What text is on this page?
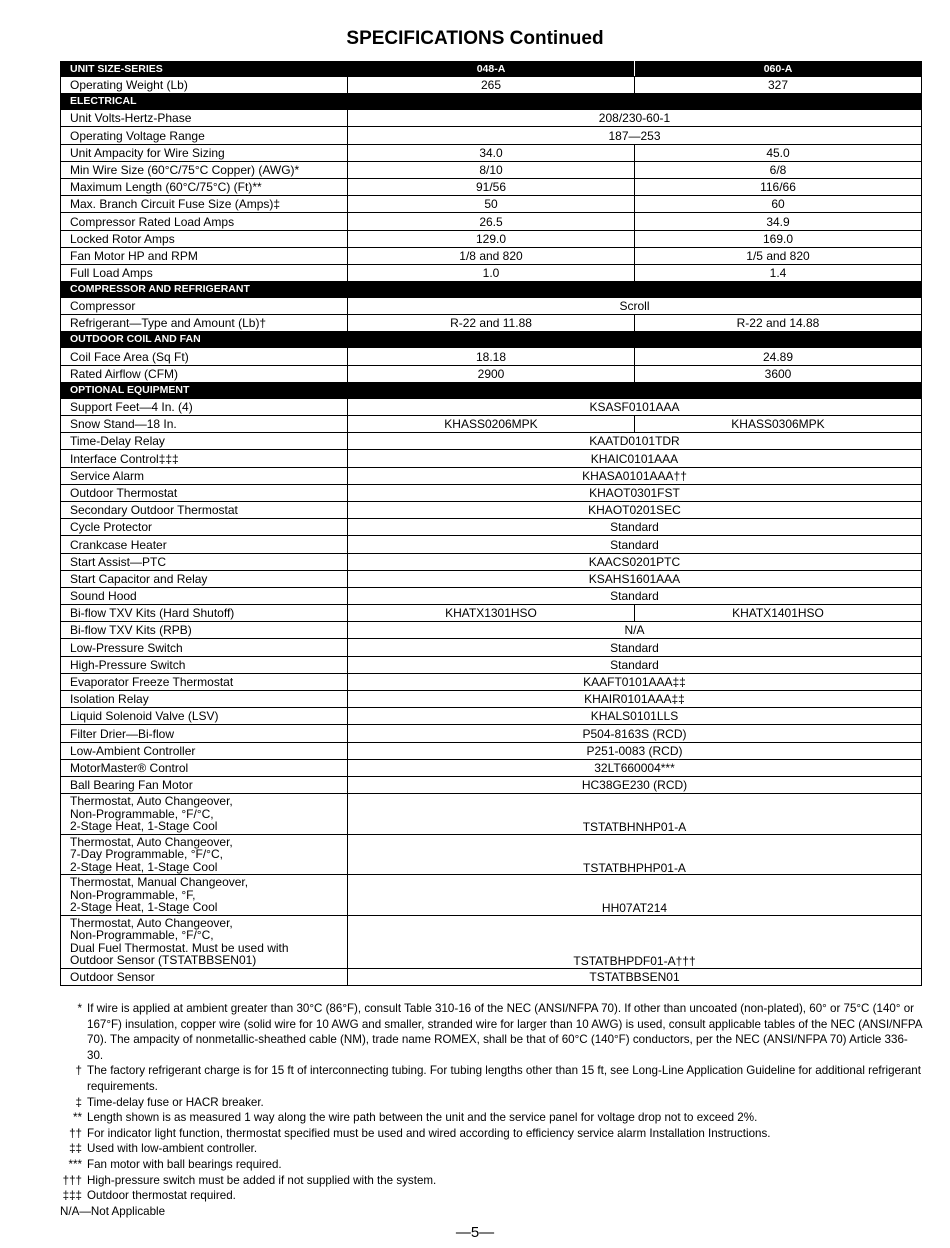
SPECIFICATIONS Continued
UNIT SIZE-SERIES	048-A	060-A
Operating Weight (Lb)	265	327
ELECTRICAL		
Unit Volts-Hertz-Phase	208/230-60-1	
Operating Voltage Range	187—253	
Unit Ampacity for Wire Sizing	34.0	45.0
Min Wire Size (60°C/75°C Copper) (AWG)*	8/10	6/8
Maximum Length (60°C/75°C) (Ft)**	91/56	116/66
Max. Branch Circuit Fuse Size (Amps)‡	50	60
Compressor Rated Load Amps	26.5	34.9
Locked Rotor Amps	129.0	169.0
Fan Motor HP and RPM	1/8 and 820	1/5 and 820
Full Load Amps	1.0	1.4
COMPRESSOR AND REFRIGERANT		
Compressor	Scroll	
Refrigerant—Type and Amount (Lb)†	R-22 and 11.88	R-22 and 14.88
OUTDOOR COIL AND FAN		
Coil Face Area (Sq Ft)	18.18	24.89
Rated Airflow (CFM)	2900	3600
OPTIONAL EQUIPMENT		
Support Feet—4 In. (4)	KSASF0101AAA	
Snow Stand—18 In.	KHASS0206MPK	KHASS0306MPK
Time-Delay Relay	KAATD0101TDR	
Interface Control‡‡‡	KHAIC0101AAA	
Service Alarm	KHASA0101AAA††	
Outdoor Thermostat	KHAOT0301FST	
Secondary Outdoor Thermostat	KHAOT0201SEC	
Cycle Protector	Standard	
Crankcase Heater	Standard	
Start Assist—PTC	KAACS0201PTC	
Start Capacitor and Relay	KSAHS1601AAA	
Sound Hood	Standard	
Bi-flow TXV Kits (Hard Shutoff)	KHATX1301HSO	KHATX1401HSO
Bi-flow TXV Kits (RPB)	N/A	
Low-Pressure Switch	Standard	
High-Pressure Switch	Standard	
Evaporator Freeze Thermostat	KAAFT0101AAA‡‡	
Isolation Relay	KHAIR0101AAA‡‡	
Liquid Solenoid Valve (LSV)	KHALS0101LLS	
Filter Drier—Bi-flow	P504-8163S (RCD)	
Low-Ambient Controller	P251-0083 (RCD)	
MotorMaster® Control	32LT660004***	
Ball Bearing Fan Motor	HC38GE230 (RCD)	
Thermostat, Auto Changeover,
Non-Programmable, °F/°C,
2-Stage Heat, 1-Stage Cool	TSTATBHNHP01-A	
Thermostat, Auto Changeover,
7-Day Programmable, °F/°C,
2-Stage Heat, 1-Stage Cool	TSTATBHPHP01-A	
Thermostat, Manual Changeover,
Non-Programmable, °F,
2-Stage Heat, 1-Stage Cool	HH07AT214	
Thermostat, Auto Changeover,
Non-Programmable, °F/°C,
Dual Fuel Thermostat. Must be used with
Outdoor Sensor (TSTATBBSEN01)	TSTATBHPDF01-A†††	
Outdoor Sensor	TSTATBBSEN01	
* If wire is applied at ambient greater than 30°C (86°F), consult Table 310-16 of the NEC (ANSI/NFPA 70). If other than uncoated (non-plated), 60° or 75°C (140° or 167°F) insulation, copper wire (solid wire for 10 AWG and smaller, stranded wire for larger than 10 AWG) is used, consult applicable tables of the NEC (ANSI/NFPA 70). The ampacity of nonmetallic-sheathed cable (NM), trade name ROMEX, shall be that of 60°C (140°F) conductors, per the NEC (ANSI/NFPA 70) Article 336-30.
† The factory refrigerant charge is for 15 ft of interconnecting tubing. For tubing lengths other than 15 ft, see Long-Line Application Guideline for additional refrigerant requirements.
‡ Time-delay fuse or HACR breaker.
** Length shown is as measured 1 way along the wire path between the unit and the service panel for voltage drop not to exceed 2%.
†† For indicator light function, thermostat specified must be used and wired according to efficiency service alarm Installation Instructions.
‡‡ Used with low-ambient controller.
*** Fan motor with ball bearings required.
††† High-pressure switch must be added if not supplied with the system.
‡‡‡ Outdoor thermostat required.
N/A—Not Applicable
—5—
